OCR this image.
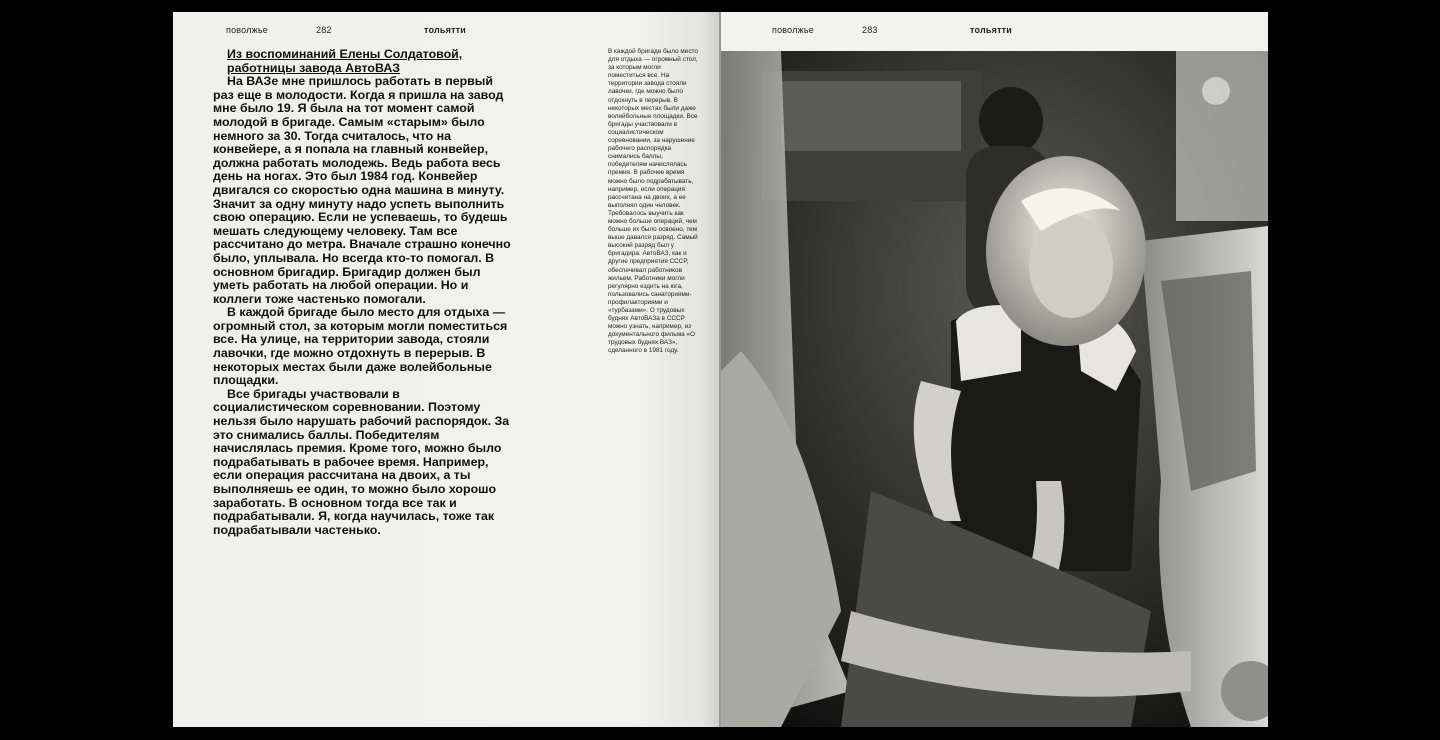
поволжье	282	тольятти

Из воспоминаний Елены Солдатовой,

работницы завода АвтоВАЗ

На ВАЗе мне пришлось работать в первый раз еще в молодости. Когда я пришла на завод мне было 19. Я была на тот момент самой молодой в бригаде. Самым «старым» было немного за 30. Тогда считалось, что на конвейере, а я попала на главный конвейер, должна работать молодежь. Ведь работа весь день на ногах. Это был 1984 год. Конвейер двигался со скоростью одна машина в минуту. Значит за одну минуту надо успеть выполнить свою операцию. Если не успеваешь, то будешь мешать следующему человеку. Там все рассчитано до метра. Вначале страшно конечно было, уплывала. Но всегда кто-то помогал. В основном бригадир. Бригадир должен был уметь работать на любой операции. Но и коллеги тоже частенько помогали.

В каждой бригаде было место для отдыха — огромный стол, за которым могли поместиться все. На улице, на территории завода, стояли лавочки, где можно отдохнуть в перерыв. В некоторых местах были даже волейбольные площадки.

Все бригады участвовали в социалистическом соревновании. Поэтому нельзя было нарушать рабочий распорядок. За это снимались баллы. Победителям начислялась премия. Кроме того, можно было подрабатывать в рабочее время. Например, если операция рассчитана на двоих, а ты выполняешь ее один, то можно было хорошо заработать. В основном тогда все так и подрабатывали. Я, когда научилась, тоже так подрабатывали частенько.

В каждой бригаде было место для отдыха — огромный стол, за которым могли поместиться все. На территории завода стояли лавочки, где можно было отдохнуть в перерыв. В некоторых местах были даже волейбольные площадки. Все бригады участвовали в социалистическом соревновании, за нарушение рабочего распорядка снимались баллы, победителям начислялась премия. В рабочее время можно было подрабатывать, например, если операция рассчитана на двоих, а ее выполнял один человек. Требовалось выучить как можно больше операций, чем больше их было освоено, тем выше давался разряд. Самый высокий разряд был у бригадира. АвтоВАЗ, как и другие предприятия СССР, обеспечивал работников жильем. Работники могли регулярно ездить на юга, пользовались санаториями-профилакториями и «турбазами». О трудовых буднях АвтоВАЗа в СССР можно узнать, например, из документального фильма «О трудовых буднях ВАЗ», сделанного в 1981 году.
поволжье	283	тольятти
